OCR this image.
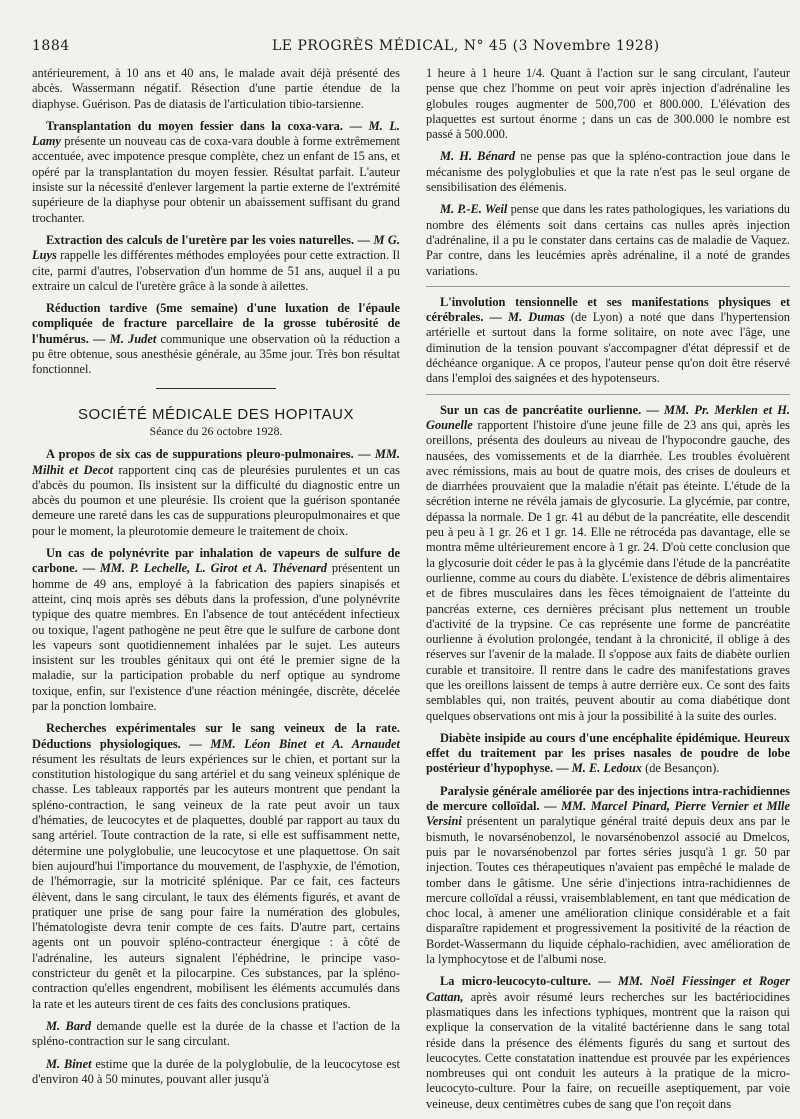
1884	LE PROGRÈS MÉDICAL, N° 45 (3 Novembre 1928)

antérieurement, à 10 ans et 40 ans, le malade avait déjà présenté des abcès. Wassermann négatif. Résection d'une partie étendue de la diaphyse. Guérison. Pas de diatasis de l'articulation tibio-tarsienne.

Transplantation du moyen fessier dans la coxa-vara. — M. L. Lamy présente un nouveau cas de coxa-vara double à forme extrêmement accentuée, avec impotence presque complète, chez un enfant de 15 ans, et opéré par la transplantation du moyen fessier. Résultat parfait. L'auteur insiste sur la nécessité d'enlever largement la partie externe de l'extrémité supérieure de la diaphyse pour obtenir un abaissement suffisant du grand trochanter.

Extraction des calculs de l'uretère par les voies naturelles. — M G. Luys rappelle les différentes méthodes employées pour cette extraction. Il cite, parmi d'autres, l'observation d'un homme de 51 ans, auquel il a pu extraire un calcul de l'uretère grâce à la sonde à ailettes.

Réduction tardive (5me semaine) d'une luxation de l'épaule compliquée de fracture parcellaire de la grosse tubérosité de l'humérus. — M. Judet communique une observation où la réduction a pu être obtenue, sous anesthésie générale, au 35me jour. Très bon résultat fonctionnel.

SOCIÉTÉ MÉDICALE DES HOPITAUX
Séance du 26 octobre 1928.

A propos de six cas de suppurations pleuro-pulmonaires. — MM. Milhit et Decot rapportent cinq cas de pleurésies purulentes et un cas d'abcès du poumon. Ils insistent sur la difficulté du diagnostic entre un abcès du poumon et une pleurésie. Ils croient que la guérison spontanée demeure une rareté dans les cas de suppurations pleuropulmonaires et que pour le moment, la pleurotomie demeure le traitement de choix.

Un cas de polynévrite par inhalation de vapeurs de sulfure de carbone. — MM. P. Lechelle, L. Girot et A. Thévenard présentent un homme de 49 ans, employé à la fabrication des papiers sinapisés et atteint, cinq mois après ses débuts dans la profession, d'une polynévrite typique des quatre membres. En l'absence de tout antécédent infectieux ou toxique, l'agent pathogène ne peut être que le sulfure de carbone dont les vapeurs sont quotidiennement inhalées par le sujet. Les auteurs insistent sur les troubles génitaux qui ont été le premier signe de la maladie, sur la participation probable du nerf optique au syndrome toxique, enfin, sur l'existence d'une réaction méningée, discrète, décelée par la ponction lombaire.

Recherches expérimentales sur le sang veineux de la rate. Déductions physiologiques. — MM. Léon Binet et A. Arnaudet résument les résultats de leurs expériences sur le chien, et portant sur la constitution histologique du sang artériel et du sang veineux splénique de chasse. Les tableaux rapportés par les auteurs montrent que pendant la spléno-contraction, le sang veineux de la rate peut avoir un taux d'hématies, de leucocytes et de plaquettes, doublé par rapport au taux du sang artériel. Toute contraction de la rate, si elle est suffisamment nette, détermine une polyglobulie, une leucocytose et une plaquettose. On sait bien aujourd'hui l'importance du mouvement, de l'asphyxie, de l'émotion, de l'hémorragie, sur la motricité splénique. Par ce fait, ces facteurs élèvent, dans le sang circulant, le taux des éléments figurés, et avant de pratiquer une prise de sang pour faire la numération des globules, l'hématologiste devra tenir compte de ces faits. D'autre part, certains agents ont un pouvoir spléno-contracteur énergique : à côté de l'adrénaline, les auteurs signalent l'éphédrine, le principe vaso-constricteur du genêt et la pilocarpine. Ces substances, par la spléno-contraction qu'elles engendrent, mobilisent les éléments accumulés dans la rate et les auteurs tirent de ces faits des conclusions pratiques.

M. Bard demande quelle est la durée de la chasse et l'action de la spléno-contraction sur le sang circulant.

M. Binet estime que la durée de la polyglobulie, de la leucocytose est d'environ 40 à 50 minutes, pouvant aller jusqu'à

1 heure à 1 heure 1/4. Quant à l'action sur le sang circulant, l'auteur pense que chez l'homme on peut voir après injection d'adrénaline les globules rouges augmenter de 500,700 et 800.000. L'élévation des plaquettes est surtout énorme ; dans un cas de 300.000 le nombre est passé à 500.000.

M. H. Bénard ne pense pas que la spléno-contraction joue dans le mécanisme des polyglobulies et que la rate n'est pas le seul organe de sensibilisation des élémenis.

M. P.-E. Weil pense que dans les rates pathologiques, les variations du nombre des éléments soit dans certains cas nulles après injection d'adrénaline, il a pu le constater dans certains cas de maladie de Vaquez. Par contre, dans les leucémies après adrénaline, il a noté de grandes variations.

L'involution tensionnelle et ses manifestations physiques et cérébrales. — M. Dumas (de Lyon) a noté que dans l'hypertension artérielle et surtout dans la forme solitaire, on note avec l'âge, une diminution de la tension pouvant s'accompagner d'état dépressif et de déchéance organique. A ce propos, l'auteur pense qu'on doit être réservé dans l'emploi des saignées et des hypotenseurs.

Sur un cas de pancréatite ourlienne. — MM. Pr. Merklen et H. Gounelle rapportent l'histoire d'une jeune fille de 23 ans qui, après les oreillons, présenta des douleurs au niveau de l'hypocondre gauche, des nausées, des vomissements et de la diarrhée. Les troubles évoluèrent avec rémissions, mais au bout de quatre mois, des crises de douleurs et de diarrhées prouvaient que la maladie n'était pas éteinte. L'étude de la sécrétion interne ne révéla jamais de glycosurie. La glycémie, par contre, dépassa la normale. De 1 gr. 41 au début de la pancréatite, elle descendit peu à peu à 1 gr. 26 et 1 gr. 14. Elle ne rétrocéda pas davantage, elle se montra même ultérieurement encore à 1 gr. 24. D'où cette conclusion que la glycosurie doit céder le pas à la glycémie dans l'étude de la pancréatite ourlienne, comme au cours du diabète. L'existence de débris alimentaires et de fibres musculaires dans les fèces témoignaient de l'atteinte du pancréas externe, ces dernières précisant plus nettement un trouble d'activité de la trypsine. Ce cas représente une forme de pancréatite ourlienne à évolution prolongée, tendant à la chronicité, il oblige à des réserves sur l'avenir de la malade. Il s'oppose aux faits de diabète ourlien curable et transitoire. Il rentre dans le cadre des manifestations graves que les oreillons laissent de temps à autre derrière eux. Ce sont des faits semblables qui, non traités, peuvent aboutir au coma diabétique dont quelques observations ont mis à jour la possibilité à la suite des ourles.

Diabète insipide au cours d'une encéphalite épidémique. Heureux effet du traitement par les prises nasales de poudre de lobe postérieur d'hypophyse. — M. E. Ledoux (de Besançon).

Paralysie générale améliorée par des injections intra-rachidiennes de mercure colloïdal. — MM. Marcel Pinard, Pierre Vernier et Mlle Versini présentent un paralytique général traité depuis deux ans par le bismuth, le novarsénobenzol, le novarsénobenzol associé au Dmelcos, puis par le novarsénobenzol par fortes séries jusqu'à 1 gr. 50 par injection. Toutes ces thérapeutiques n'avaient pas empêché le malade de tomber dans le gâtisme. Une série d'injections intra-rachidiennes de mercure colloïdal a réussi, vraisemblablement, en tant que médication de choc local, à amener une amélioration clinique considérable et a fait disparaître rapidement et progressivement la positivité de la réaction de Bordet-Wassermann du liquide céphalo-rachidien, avec amélioration de la lymphocytose et de l'albumi nose.

La micro-leucocyto-culture. — MM. Noël Fiessinger et Roger Cattan, après avoir résumé leurs recherches sur les bactériocidines plasmatiques dans les infections typhiques, montrent que la raison qui explique la conservation de la vitalité bactérienne dans le sang total réside dans la présence des éléments figurés du sang et surtout des leucocytes. Cette constatation inattendue est prouvée par les expériences nombreuses qui ont conduit les auteurs à la pratique de la micro-leucocyto-culture. Pour la faire, on recueille aseptiquement, par voie veineuse, deux centimètres cubes de sang que l'on reçoit dans
